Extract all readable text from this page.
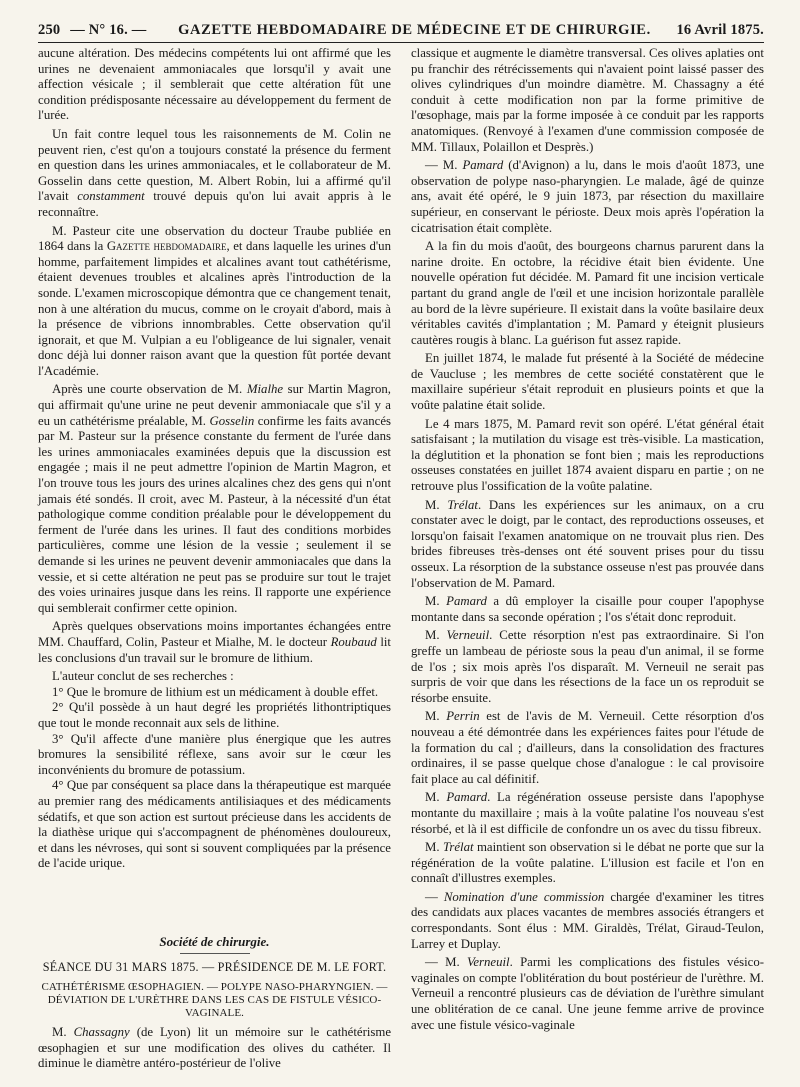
250 — N° 16. —	GAZETTE HEBDOMADAIRE DE MÉDECINE ET DE CHIRURGIE. 16 Avril 1875.

aucune altération. Des médecins compétents lui ont affirmé que les urines ne devenaient ammoniacales que lorsqu'il y avait une affection vésicale ; il semblerait que cette altération fût une condition prédisposante nécessaire au développement du ferment de l'urée.

Un fait contre lequel tous les raisonnements de M. Colin ne peuvent rien, c'est qu'on a toujours constaté la présence du ferment en question dans les urines ammoniacales, et le collaborateur de M. Gosselin dans cette question, M. Albert Robin, lui a affirmé qu'il l'avait constamment trouvé depuis qu'on lui avait appris à le reconnaître.

M. Pasteur cite une observation du docteur Traube publiée en 1864 dans la Gazette hebdomadaire, et dans laquelle les urines d'un homme, parfaitement limpides et alcalines avant tout cathétérisme, étaient devenues troubles et alcalines après l'introduction de la sonde. L'examen microscopique démontra que ce changement tenait, non à une altération du mucus, comme on le croyait d'abord, mais à la présence de vibrions innombrables. Cette observation qu'il ignorait, et que M. Vulpian a eu l'obligeance de lui signaler, venait donc déjà lui donner raison avant que la question fût portée devant l'Académie.

Après une courte observation de M. Mialhe sur Martin Magron, qui affirmait qu'une urine ne peut devenir ammoniacale que s'il y a eu un cathétérisme préalable, M. Gosselin confirme les faits avancés par M. Pasteur sur la présence constante du ferment de l'urée dans les urines ammoniacales examinées depuis que la discussion est engagée ; mais il ne peut admettre l'opinion de Martin Magron, et l'on trouve tous les jours des urines alcalines chez des gens qui n'ont jamais été sondés. Il croit, avec M. Pasteur, à la nécessité d'un état pathologique comme condition préalable pour le développement du ferment de l'urée dans les urines. Il faut des conditions morbides particulières, comme une lésion de la vessie ; seulement il se demande si les urines ne peuvent devenir ammoniacales que dans la vessie, et si cette altération ne peut pas se produire sur tout le trajet des voies urinaires jusque dans les reins. Il rapporte une expérience qui semblerait confirmer cette opinion.

Après quelques observations moins importantes échangées entre MM. Chauffard, Colin, Pasteur et Mialhe, M. le docteur Roubaud lit les conclusions d'un travail sur le bromure de lithium.

L'auteur conclut de ses recherches :

1° Que le bromure de lithium est un médicament à double effet.

2° Qu'il possède à un haut degré les propriétés lithontriptiques que tout le monde reconnait aux sels de lithine.

3° Qu'il affecte d'une manière plus énergique que les autres bromures la sensibilité réflexe, sans avoir sur le cœur les inconvénients du bromure de potassium.

4° Que par conséquent sa place dans la thérapeutique est marquée au premier rang des médicaments antilisiaques et des médicaments sédatifs, et que son action est surtout précieuse dans les accidents de la diathèse urique qui s'accompagnent de phénomènes douloureux, et dans les névroses, qui sont si souvent compliquées par la présence de l'acide urique.

Société de chirurgie.
SÉANCE DU 31 MARS 1875. — PRÉSIDENCE DE M. LE FORT.
CATHÉTÉRISME ŒSOPHAGIEN. — POLYPE NASO-PHARYNGIEN. — DÉVIATION DE L'URÈTHRE DANS LES CAS DE FISTULE VÉSICO-VAGINALE.

M. Chassagny (de Lyon) lit un mémoire sur le cathétérisme œsophagien et sur une modification des olives du cathéter. Il diminue le diamètre antéro-postérieur de l'olive

classique et augmente le diamètre transversal. Ces olives aplaties ont pu franchir des rétrécissements qui n'avaient point laissé passer des olives cylindriques d'un moindre diamètre. M. Chassagny a été conduit à cette modification non par la forme primitive de l'œsophage, mais par la forme imposée à ce conduit par les rapports anatomiques. (Renvoyé à l'examen d'une commission composée de MM. Tillaux, Polaillon et Desprès.)

— M. Pamard (d'Avignon) a lu, dans le mois d'août 1873, une observation de polype naso-pharyngien. Le malade, âgé de quinze ans, avait été opéré, le 9 juin 1873, par résection du maxillaire supérieur, en conservant le périoste. Deux mois après l'opération la cicatrisation était complète.

A la fin du mois d'août, des bourgeons charnus parurent dans la narine droite. En octobre, la récidive était bien évidente. Une nouvelle opération fut décidée. M. Pamard fit une incision verticale partant du grand angle de l'œil et une incision horizontale parallèle au bord de la lèvre supérieure. Il existait dans la voûte basilaire deux véritables cavités d'implantation ; M. Pamard y éteignit plusieurs cautères rougis à blanc. La guérison fut assez rapide.

En juillet 1874, le malade fut présenté à la Société de médecine de Vaucluse ; les membres de cette société constatèrent que le maxillaire supérieur s'était reproduit en plusieurs points et que la voûte palatine était solide.

Le 4 mars 1875, M. Pamard revit son opéré. L'état général était satisfaisant ; la mutilation du visage est très-visible. La mastication, la déglutition et la phonation se font bien ; mais les reproductions osseuses constatées en juillet 1874 avaient disparu en partie ; on ne retrouve plus l'ossification de la voûte palatine.

M. Trélat. Dans les expériences sur les animaux, on a cru constater avec le doigt, par le contact, des reproductions osseuses, et lorsqu'on faisait l'examen anatomique on ne trouvait plus rien. Des brides fibreuses très-denses ont été souvent prises pour du tissu osseux. La résorption de la substance osseuse n'est pas prouvée dans l'observation de M. Pamard.

M. Pamard a dû employer la cisaille pour couper l'apophyse montante dans sa seconde opération ; l'os s'était donc reproduit.

M. Verneuil. Cette résorption n'est pas extraordinaire. Si l'on greffe un lambeau de périoste sous la peau d'un animal, il se forme de l'os ; six mois après l'os disparaît. M. Verneuil ne serait pas surpris de voir que dans les résections de la face un os reproduit se résorbe ensuite.

M. Perrin est de l'avis de M. Verneuil. Cette résorption d'os nouveau a été démontrée dans les expériences faites pour l'étude de la formation du cal ; d'ailleurs, dans la consolidation des fractures ordinaires, il se passe quelque chose d'analogue : le cal provisoire fait place au cal définitif.

M. Pamard. La régénération osseuse persiste dans l'apophyse montante du maxillaire ; mais à la voûte palatine l'os nouveau s'est résorbé, et là il est difficile de confondre un os avec du tissu fibreux.

M. Trélat maintient son observation si le débat ne porte que sur la régénération de la voûte palatine. L'illusion est facile et l'on en connaît d'illustres exemples.

— Nomination d'une commission chargée d'examiner les titres des candidats aux places vacantes de membres associés étrangers et correspondants. Sont élus : MM. Giraldès, Trélat, Giraud-Teulon, Larrey et Duplay.

— M. Verneuil. Parmi les complications des fistules vésico-vaginales on compte l'oblitération du bout postérieur de l'urèthre. M. Verneuil a rencontré plusieurs cas de déviation de l'urèthre simulant une oblitération de ce canal. Une jeune femme arrive de province avec une fistule vésico-vaginale
